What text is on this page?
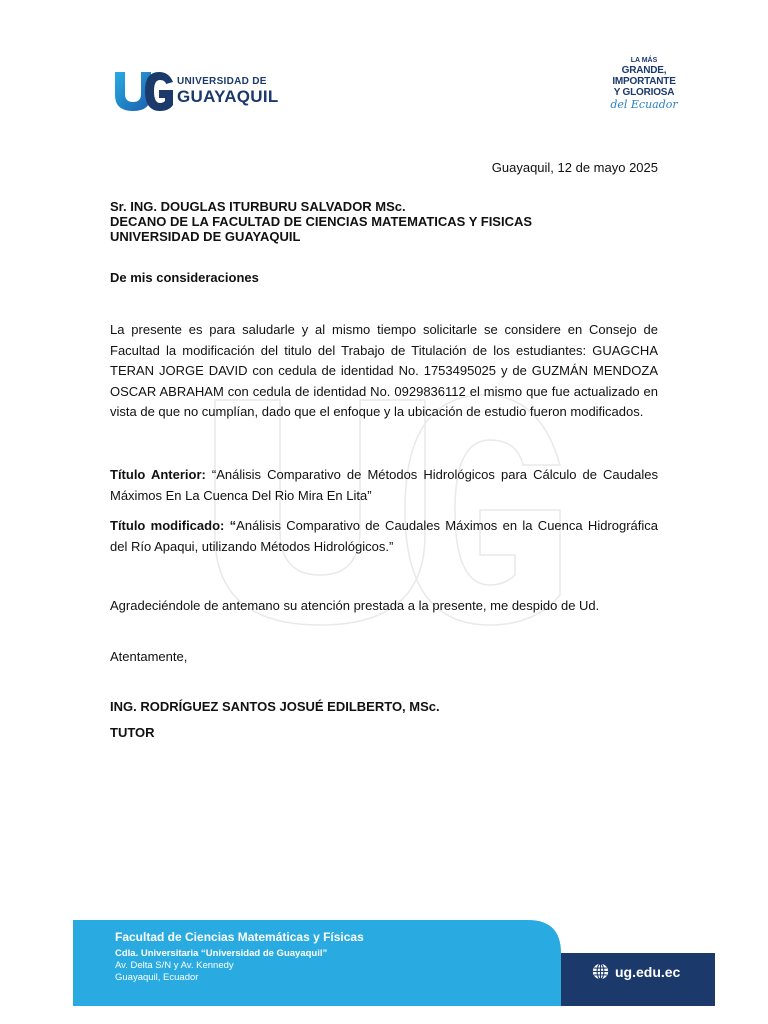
UNIVERSIDAD DE
GUAYAQUIL
LA MÁS
GRANDE,
IMPORTANTE
Y GLORIOSA
del Ecuador
Guayaquil, 12 de mayo 2025
Sr. ING. DOUGLAS ITURBURU SALVADOR MSc.
DECANO DE LA FACULTAD DE CIENCIAS MATEMATICAS Y FISICAS
UNIVERSIDAD DE GUAYAQUIL
De mis consideraciones
La presente es para saludarle y al mismo tiempo solicitarle se considere en Consejo de Facultad la modificación del titulo del Trabajo de Titulación de los estudiantes: GUAGCHA TERAN JORGE DAVID con cedula de identidad No. 1753495025 y de GUZMÁN MENDOZA OSCAR ABRAHAM con cedula de identidad No. 0929836112 el mismo que fue actualizado en vista de que no cumplían, dado que el enfoque y la ubicación de estudio fueron modificados.
Título Anterior: “Análisis Comparativo de Métodos Hidrológicos para Cálculo de Caudales Máximos En La Cuenca Del Rio Mira En Lita”
Título modificado: “Análisis Comparativo de Caudales Máximos en la Cuenca Hidrográfica del Río Apaqui, utilizando Métodos Hidrológicos.”
Agradeciéndole de antemano su atención prestada a la presente, me despido de Ud.
Atentamente,
ING. RODRÍGUEZ SANTOS JOSUÉ EDILBERTO, MSc.
TUTOR
Facultad de Ciencias Matemáticas y Físicas
Cdla. Universitaria “Universidad de Guayaquil”
Av. Delta S/N y Av. Kennedy
Guayaquil, Ecuador	ug.edu.ec
